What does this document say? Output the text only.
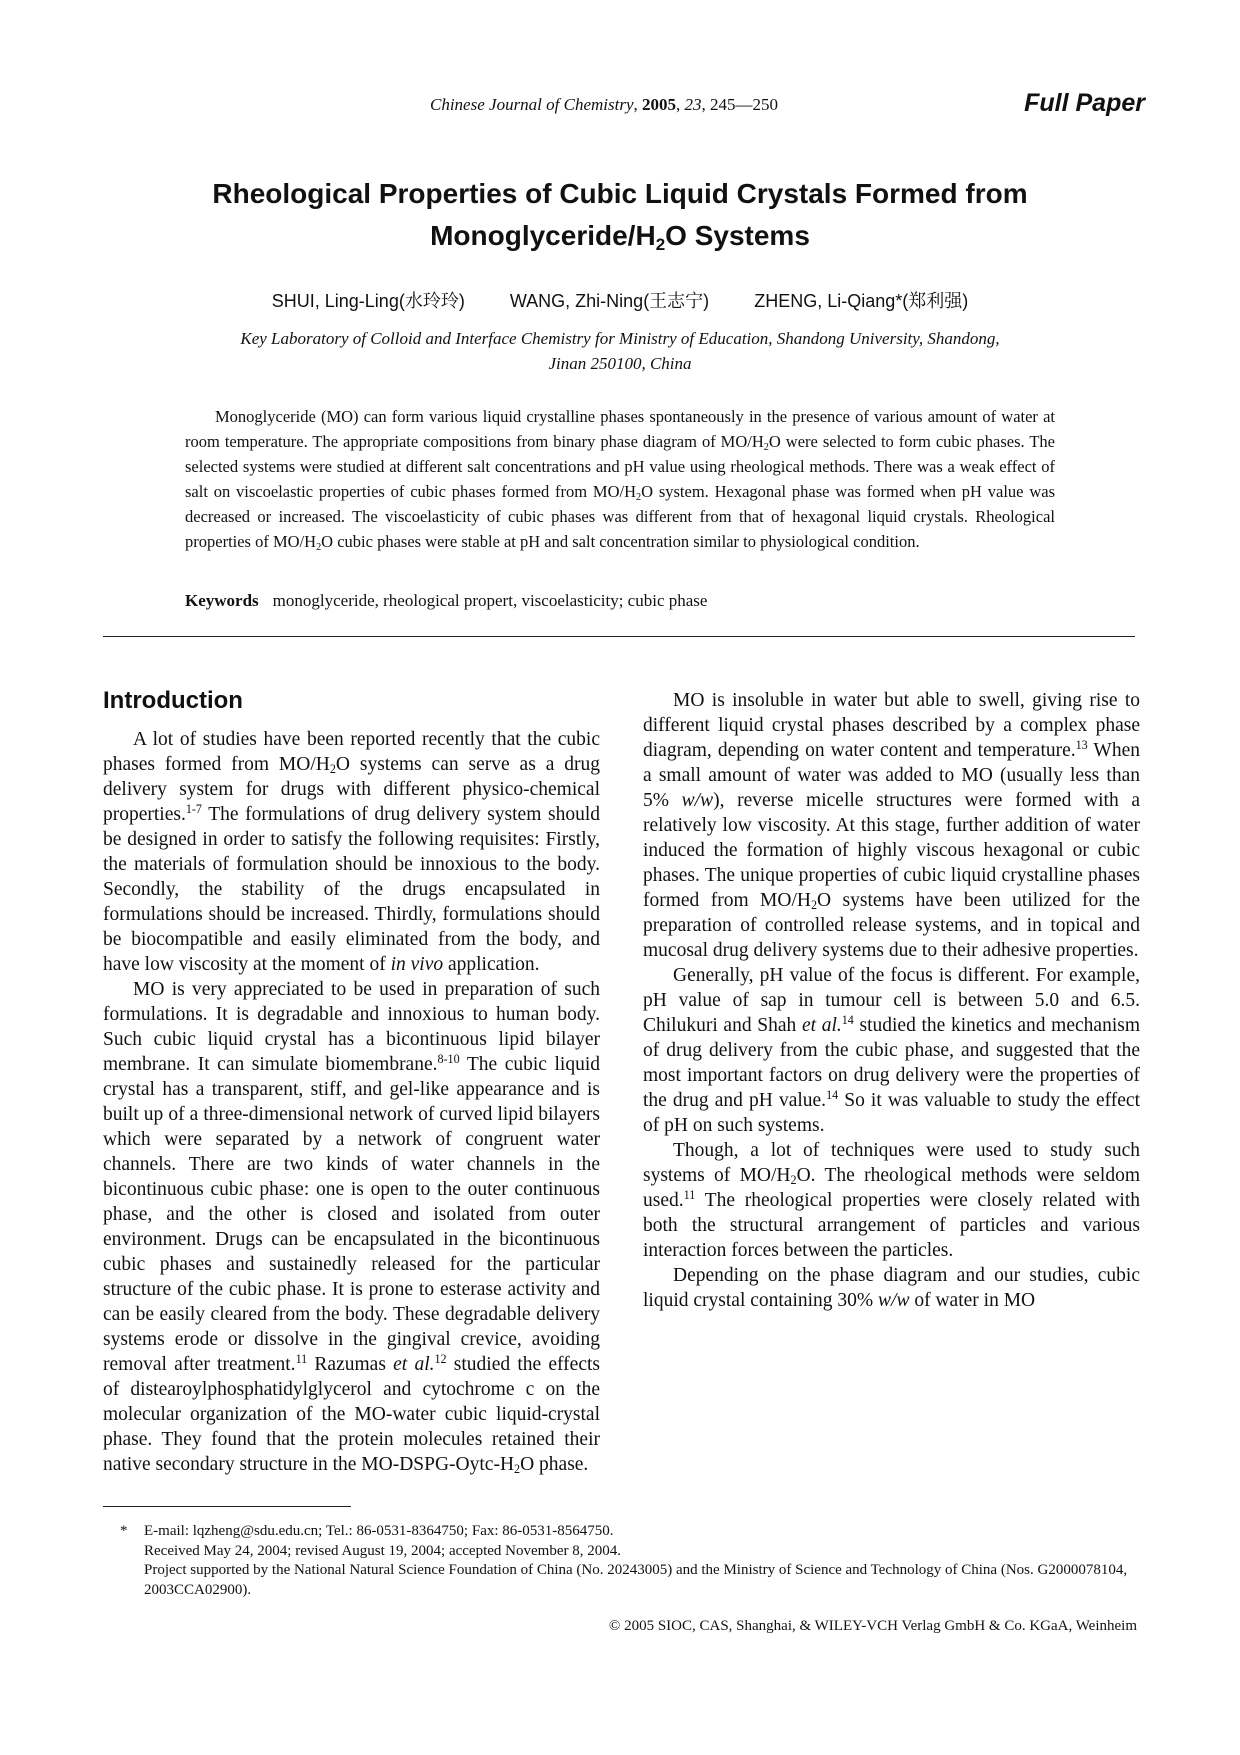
Chinese Journal of Chemistry, 2005, 23, 245—250	Full Paper
Rheological Properties of Cubic Liquid Crystals Formed from
Monoglyceride/$H_2O$ Systems
SHUI, Ling-Ling(水玲玲)	WANG, Zhi-Ning(王志宁)	ZHENG, Li-Qiang*(郑利强)
Key Laboratory of Colloid and Interface Chemistry for Ministry of Education, Shandong University, Shandong,
Jinan 250100, China

Monoglyceride (MO) can form various liquid crystalline phases spontaneously in the presence of various amount of water at room temperature. The appropriate compositions from binary phase diagram of $MO/H_2O$ were selected to form cubic phases. The selected systems were studied at different salt concentrations and pH value using rheological methods. There was a weak effect of salt on viscoelastic properties of cubic phases formed from $MO/H_2O$ system. Hexagonal phase was formed when pH value was decreased or increased. The viscoelasticity of cubic phases was different from that of hexagonal liquid crystals. Rheological properties of $MO/H_2O$ cubic phases were stable at pH and salt concentration similar to physiological condition.

Keywords monoglyceride, rheological propert, viscoelasticity; cubic phase
Introduction

A lot of studies have been reported recently that the cubic phases formed from $MO/H_2O$ systems can serve as a drug delivery system for drugs with different physico-chemical properties.$^{1-7}$ The formulations of drug delivery system should be designed in order to satisfy the following requisites: Firstly, the materials of formulation should be innoxious to the body. Secondly, the stability of the drugs encapsulated in formulations should be increased. Thirdly, formulations should be biocompatible and easily eliminated from the body, and have low viscosity at the moment of in vivo application.

MO is very appreciated to be used in preparation of such formulations. It is degradable and innoxious to human body. Such cubic liquid crystal has a bicontinuous lipid bilayer membrane. It can simulate biomembrane.$^{8-10}$ The cubic liquid crystal has a transparent, stiff, and gel-like appearance and is built up of a three-dimensional network of curved lipid bilayers which were separated by a network of congruent water channels. There are two kinds of water channels in the bicontinuous cubic phase: one is open to the outer continuous phase, and the other is closed and isolated from outer environment. Drugs can be encapsulated in the bicontinuous cubic phases and sustainedly released for the particular structure of the cubic phase. It is prone to esterase activity and can be easily cleared from the body. These degradable delivery systems erode or dissolve in the gingival crevice, avoiding removal after treatment.$^{11}$ Razumas et al.$^{12}$ studied the effects of distearoylphosphatidylglycerol and cytochrome c on the molecular organization of the MO-water cubic liquid-crystal phase. They found that the protein molecules retained their native secondary structure in the $MO-DSPG-Oytc-H_2O$ phase.

MO is insoluble in water but able to swell, giving rise to different liquid crystal phases described by a complex phase diagram, depending on water content and temperature.$^{13}$ When a small amount of water was added to MO (usually less than 5% w/w), reverse micelle structures were formed with a relatively low viscosity. At this stage, further addition of water induced the formation of highly viscous hexagonal or cubic phases. The unique properties of cubic liquid crystalline phases formed from $MO/H_2O$ systems have been utilized for the preparation of controlled release systems, and in topical and mucosal drug delivery systems due to their adhesive properties.

Generally, pH value of the focus is different. For example, pH value of sap in tumour cell is between 5.0 and 6.5. Chilukuri and Shah et al.$^{14}$ studied the kinetics and mechanism of drug delivery from the cubic phase, and suggested that the most important factors on drug delivery were the properties of the drug and pH value.$^{14}$ So it was valuable to study the effect of pH on such systems.

Though, a lot of techniques were used to study such systems of $MO/H_2O$. The rheological methods were seldom used.$^{11}$ The rheological properties were closely related with both the structural arrangement of particles and various interaction forces between the particles.

Depending on the phase diagram and our studies, cubic liquid crystal containing 30% w/w of water in MO

* E-mail: lqzheng@sdu.edu.cn; Tel.: 86-0531-8364750; Fax: 86-0531-8564750.
Received May 24, 2004; revised August 19, 2004; accepted November 8, 2004.
Project supported by the National Natural Science Foundation of China (No. 20243005) and the Ministry of Science and Technology of China (Nos. G2000078104, 2003CCA02900).
© 2005 SIOC, CAS, Shanghai, & WILEY-VCH Verlag GmbH & Co. KGaA, Weinheim
